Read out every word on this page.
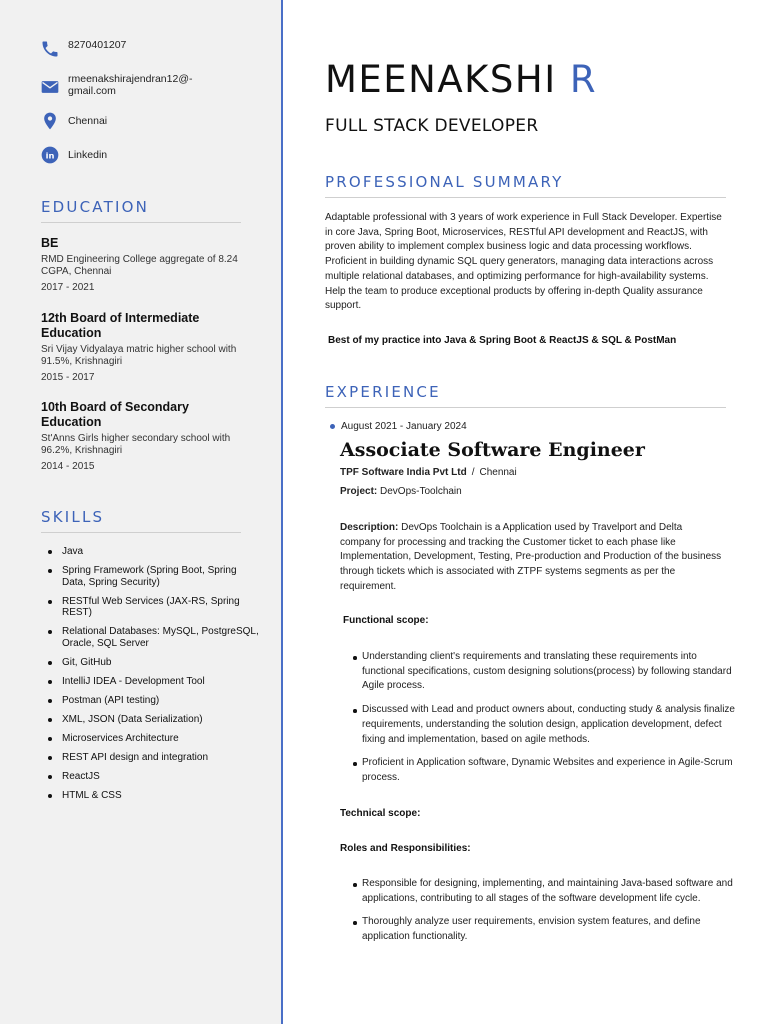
8270401207
rmeenakshirajendran12@-
gmail.com
Chennai
in Linkedin
EDUCATION
BE
RMD Engineering College aggregate of 8.24 CGPA, Chennai
2017 - 2021
12th Board of Intermediate Education
Sri Vijay Vidyalaya matric higher school with 91.5%, Krishnagiri
2015 - 2017
10th Board of Secondary Education
St'Anns Girls higher secondary school with 96.2%, Krishnagiri
2014 - 2015
SKILLS
Java
Spring Framework (Spring Boot, Spring Data, Spring Security)
RESTful Web Services (JAX-RS, Spring REST)
Relational Databases: MySQL, PostgreSQL, Oracle, SQL Server
Git, GitHub
IntelliJ IDEA - Development Tool
Postman (API testing)
XML, JSON (Data Serialization)
Microservices Architecture
REST API design and integration
ReactJS
HTML & CSS
MEENAKSHI R
FULL STACK DEVELOPER
PROFESSIONAL SUMMARY

Adaptable professional with 3 years of work experience in Full Stack Developer. Expertise in core Java, Spring Boot, Microservices, RESTful API development and ReactJS, with proven ability to implement complex business logic and data processing workflows. Proficient in building dynamic SQL query generators, managing data interactions across multiple relational databases, and optimizing performance for high-availability systems. Help the team to produce exceptional products by offering in-depth Quality assurance support.

Best of my practice into Java & Spring Boot & ReactJS & SQL & PostMan
EXPERIENCE
August 2021 - January 2024
Associate Software Engineer
TPF Software India Pvt Ltd / Chennai
Project: DevOps-Toolchain

Description: DevOps Toolchain is a Application used by Travelport and Delta company for processing and tracking the Customer ticket to each phase like Implementation, Development, Testing, Pre-production and Production of the business through tickets which is associated with ZTPF systems segments as per the requirement.

Functional scope:
Understanding client's requirements and translating these requirements into functional specifications, custom designing solutions(process) by following standard Agile process.
Discussed with Lead and product owners about, conducting study & analysis finalize requirements, understanding the solution design, application development, defect fixing and implementation, based on agile methods.
Proficient in Application software, Dynamic Websites and experience in Agile-Scrum process.
Technical scope:
Roles and Responsibilities:
Responsible for designing, implementing, and maintaining Java-based software and applications, contributing to all stages of the software development life cycle.
Thoroughly analyze user requirements, envision system features, and define application functionality.
